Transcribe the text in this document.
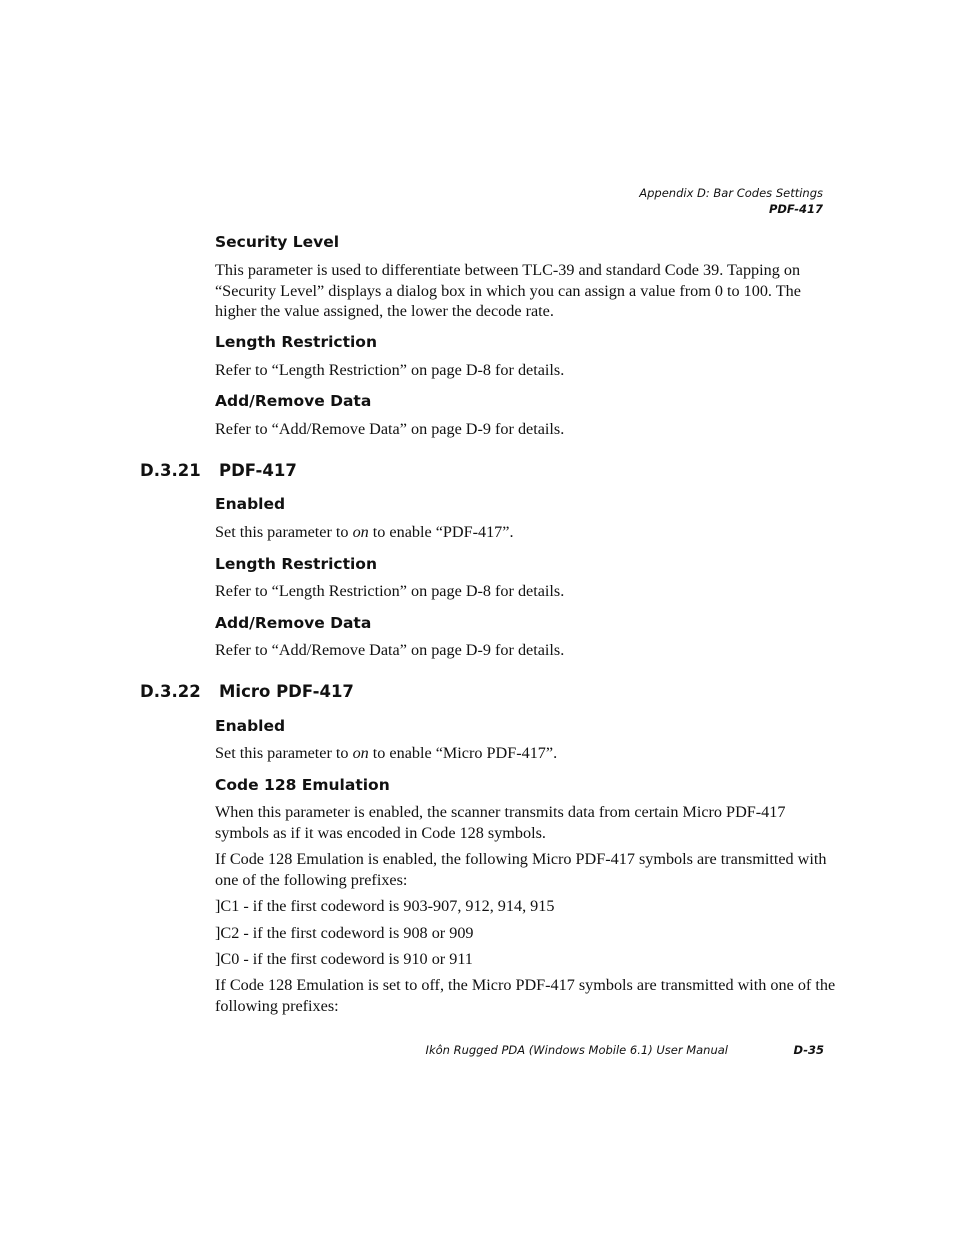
Appendix D: Bar Codes Settings
PDF-417
Security Level

This parameter is used to differentiate between TLC-39 and standard Code 39. Tapping on “Security Level” displays a dialog box in which you can assign a value from 0 to 100. The higher the value assigned, the lower the decode rate.

Length Restriction

Refer to “Length Restriction” on page D-8 for details.

Add/Remove Data

Refer to “Add/Remove Data” on page D-9 for details.

D.3.21 PDF-417
Enabled

Set this parameter to on to enable “PDF-417”.

Length Restriction

Refer to “Length Restriction” on page D-8 for details.

Add/Remove Data

Refer to “Add/Remove Data” on page D-9 for details.

D.3.22 Micro PDF-417
Enabled

Set this parameter to on to enable “Micro PDF-417”.

Code 128 Emulation

When this parameter is enabled, the scanner transmits data from certain Micro PDF-417 symbols as if it was encoded in Code 128 symbols.

If Code 128 Emulation is enabled, the following Micro PDF-417 symbols are transmitted with one of the following prefixes:

]C1 - if the first codeword is 903-907, 912, 914, 915

]C2 - if the first codeword is 908 or 909

]C0 - if the first codeword is 910 or 911

If Code 128 Emulation is set to off, the Micro PDF-417 symbols are transmitted with one of the following prefixes:

Ikôn Rugged PDA (Windows Mobile 6.1) User Manual	D-35
